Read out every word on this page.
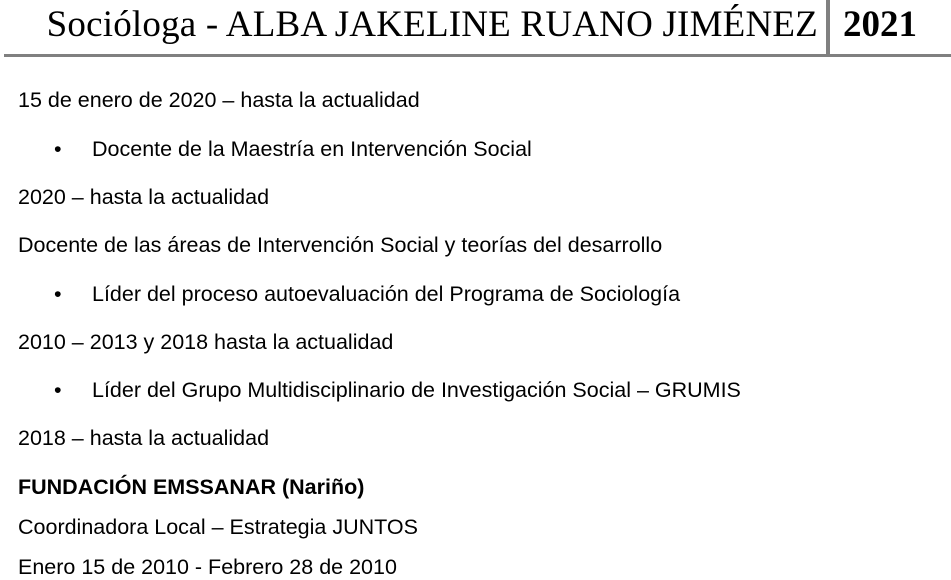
Socióloga - ALBA JAKELINE RUANO JIMÉNEZ 2021
15 de enero de 2020 – hasta la actualidad
• Docente de la Maestría en Intervención Social
2020 – hasta la actualidad
Docente de las áreas de Intervención Social y teorías del desarrollo
• Líder del proceso autoevaluación del Programa de Sociología
2010 – 2013 y 2018 hasta la actualidad
• Líder del Grupo Multidisciplinario de Investigación Social – GRUMIS
2018 – hasta la actualidad
FUNDACIÓN EMSSANAR (Nariño)
Coordinadora Local – Estrategia JUNTOS
Enero 15 de 2010 - Febrero 28 de 2010
